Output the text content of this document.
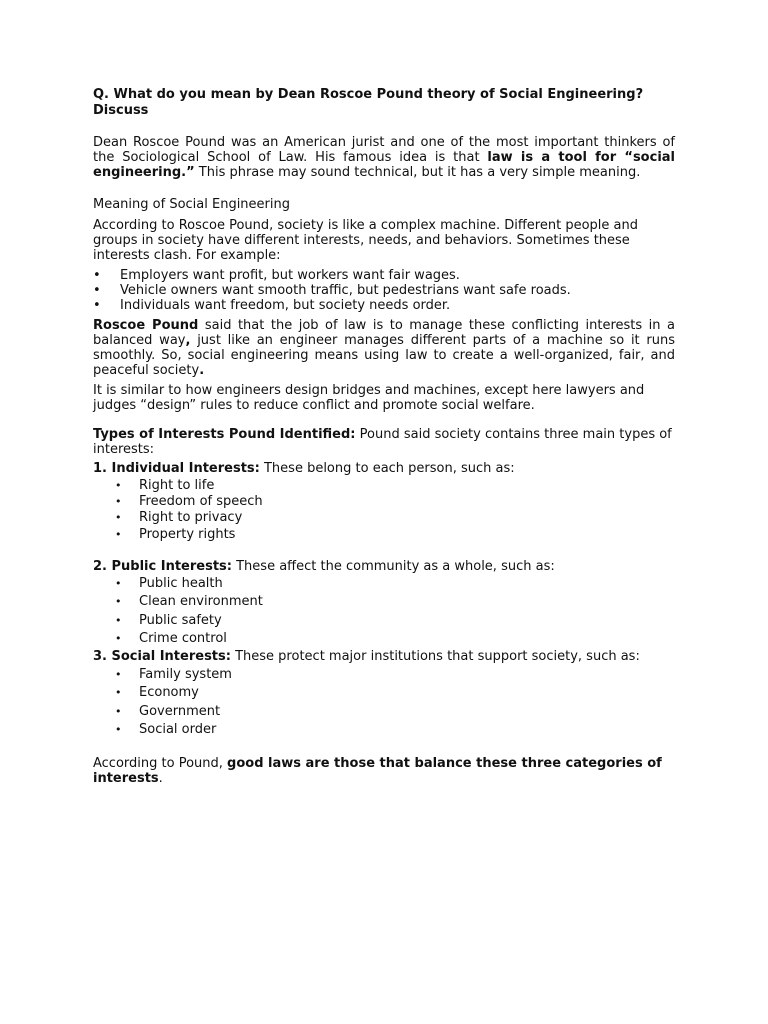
Q. What do you mean by Dean Roscoe Pound theory of Social Engineering? Discuss

Dean Roscoe Pound was an American jurist and one of the most important thinkers of the Sociological School of Law. His famous idea is that law is a tool for “social engineering.” This phrase may sound technical, but it has a very simple meaning.

Meaning of Social Engineering

According to Roscoe Pound, society is like a complex machine. Different people and groups in society have different interests, needs, and behaviors. Sometimes these interests clash. For example:

• Employers want profit, but workers want fair wages.
• Vehicle owners want smooth traffic, but pedestrians want safe roads.
• Individuals want freedom, but society needs order.

Roscoe Pound said that the job of law is to manage these conflicting interests in a balanced way, just like an engineer manages different parts of a machine so it runs smoothly. So, social engineering means using law to create a well-organized, fair, and peaceful society.

It is similar to how engineers design bridges and machines, except here lawyers and judges “design” rules to reduce conflict and promote social welfare.

Types of Interests Pound Identified: Pound said society contains three main types of interests:

1. Individual Interests: These belong to each person, such as:

• Right to life
• Freedom of speech
• Right to privacy
• Property rights

2. Public Interests: These affect the community as a whole, such as:

• Public health
• Clean environment
• Public safety
• Crime control

3. Social Interests: These protect major institutions that support society, such as:

• Family system
• Economy
• Government
• Social order

According to Pound, good laws are those that balance these three categories of interests.
